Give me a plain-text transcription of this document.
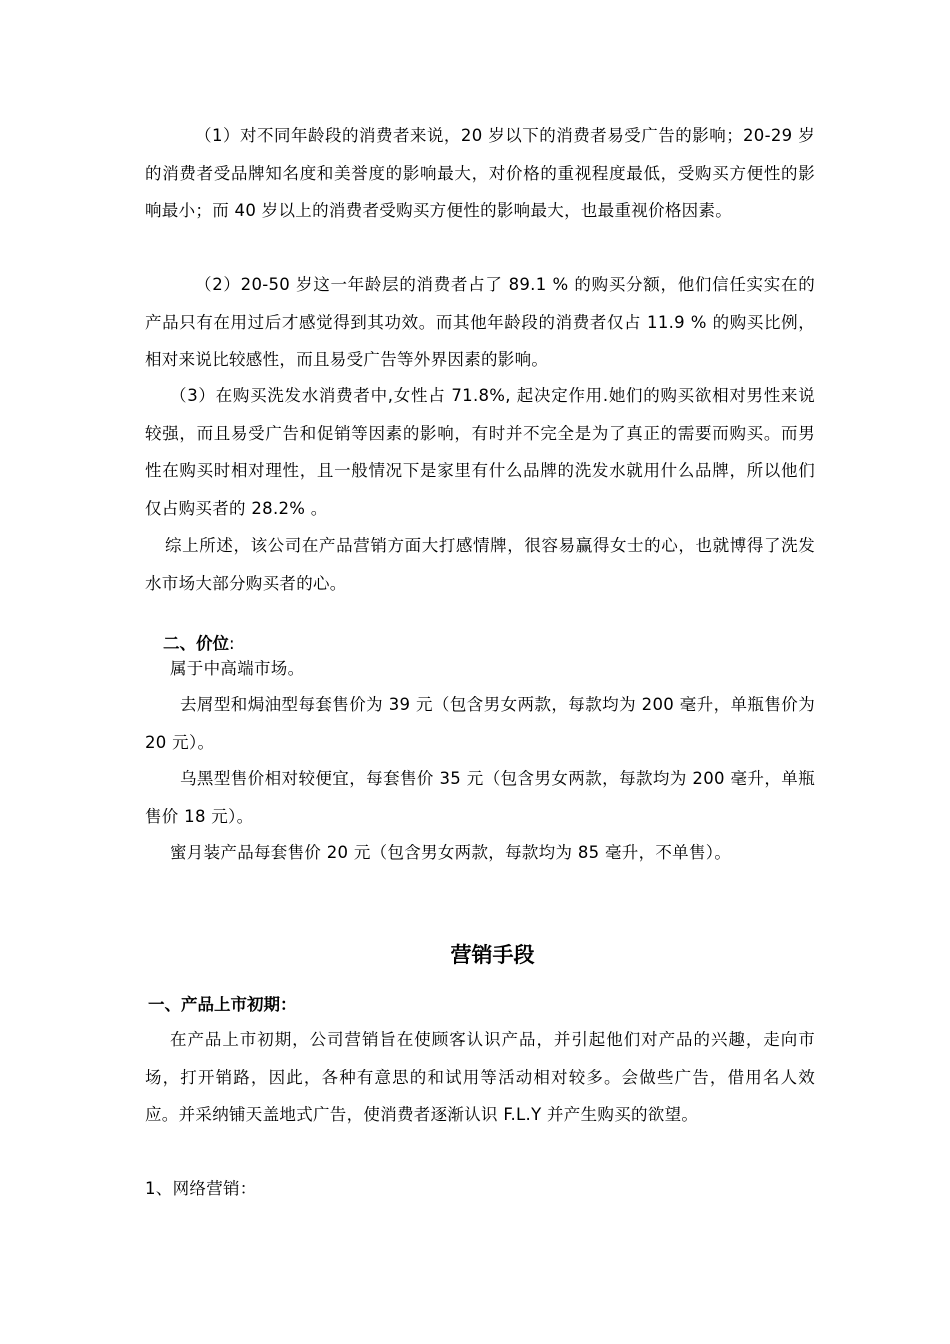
（1）对不同年龄段的消费者来说，20 岁以下的消费者易受广告的影响；20-29 岁的消费者受品牌知名度和美誉度的影响最大，对价格的重视程度最低，受购买方便性的影响最小；而 40 岁以上的消费者受购买方便性的影响最大，也最重视价格因素。
（2）20-50 岁这一年龄层的消费者占了 89.1 % 的购买分额，他们信任实实在的产品只有在用过后才感觉得到其功效。而其他年龄段的消费者仅占 11.9 % 的购买比例，相对来说比较感性，而且易受广告等外界因素的影响。
（3）在购买洗发水消费者中,女性占 71.8%, 起决定作用.她们的购买欲相对男性来说较强，而且易受广告和促销等因素的影响，有时并不完全是为了真正的需要而购买。而男性在购买时相对理性，且一般情况下是家里有什么品牌的洗发水就用什么品牌，所以他们仅占购买者的 28.2% 。
综上所述，该公司在产品营销方面大打感情牌，很容易赢得女士的心，也就博得了洗发水市场大部分购买者的心。
二、价位:
属于中高端市场。
去屑型和焗油型每套售价为 39 元（包含男女两款，每款均为 200 毫升，单瓶售价为 20 元）。
乌黑型售价相对较便宜，每套售价 35 元（包含男女两款，每款均为 200 毫升，单瓶售价 18 元）。
蜜月装产品每套售价 20 元（包含男女两款，每款均为 85 毫升，不单售）。
营销手段
一、产品上市初期：
在产品上市初期，公司营销旨在使顾客认识产品，并引起他们对产品的兴趣，走向市场，打开销路，因此，各种有意思的和试用等活动相对较多。会做些广告，借用名人效应。并采纳铺天盖地式广告，使消费者逐渐认识 F.L.Y 并产生购买的欲望。
1、网络营销：
